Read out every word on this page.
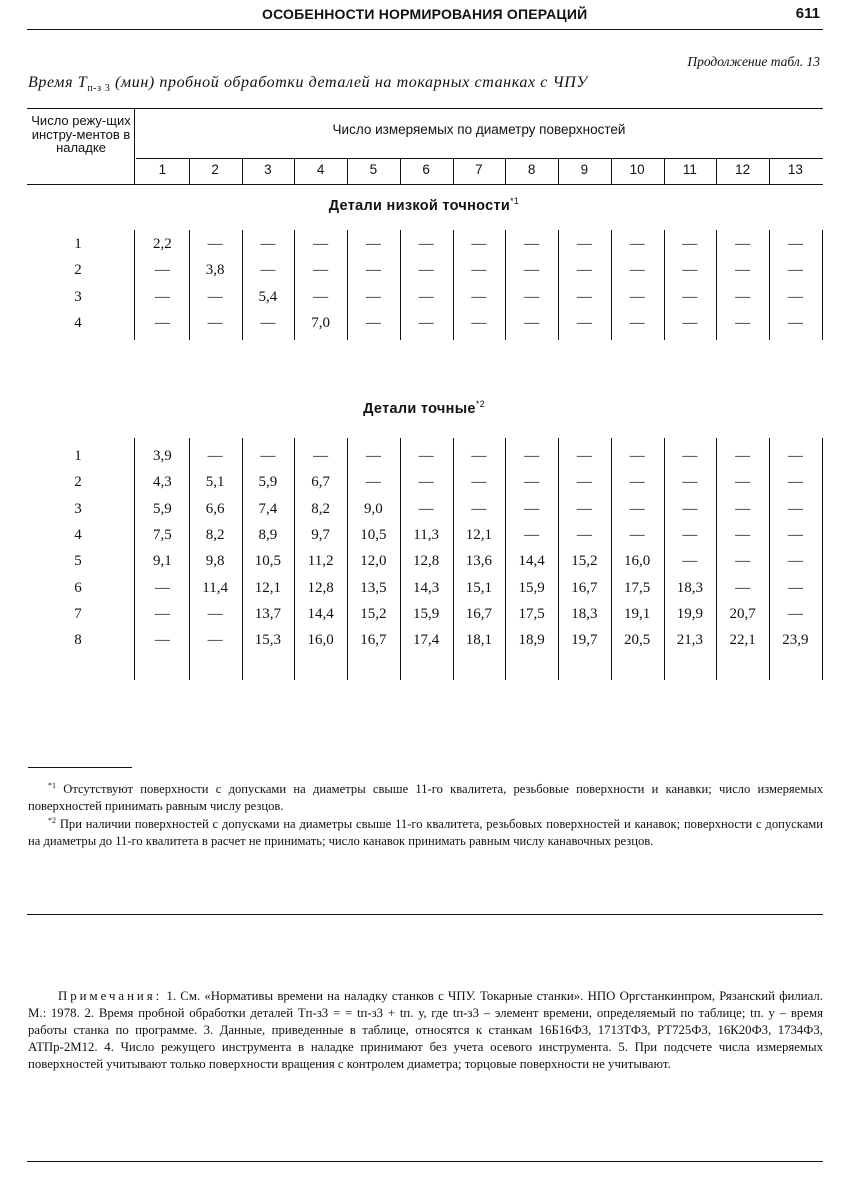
ОСОБЕННОСТИ НОРМИРОВАНИЯ ОПЕРАЦИЙ	611
Продолжение табл. 13
Время $T_{п-з 3}$ (мин) пробной обработки деталей на токарных станках с ЧПУ
Число режу-щих инстру-ментов в наладке
Число измеряемых по диаметру поверхностей
1	2	3	4	5	6	7	8	9	10	11	12	13
Детали низкой точности$^{*1}$
Детали точные$^{*2}$
1	2,2	—	—	—	—	—	—	—	—	—	—	—	—
2	—	3,8	—	—	—	—	—	—	—	—	—	—	—
3	—	—	5,4	—	—	—	—	—	—	—	—	—	—
4	—	—	—	7,0	—	—	—	—	—	—	—	—	—
1	3,9	—	—	—	—	—	—	—	—	—	—	—	—
2	4,3	5,1	5,9	6,7	—	—	—	—	—	—	—	—	—
3	5,9	6,6	7,4	8,2	9,0	—	—	—	—	—	—	—	—
4	7,5	8,2	8,9	9,7	10,5	11,3	12,1	—	—	—	—	—	—
5	9,1	9,8	10,5	11,2	12,0	12,8	13,6	14,4	15,2	16,0	—	—	—
6	—	11,4	12,1	12,8	13,5	14,3	15,1	15,9	16,7	17,5	18,3	—	—
7	—	—	13,7	14,4	15,2	15,9	16,7	17,5	18,3	19,1	19,9	20,7	—
8	—	—	15,3	16,0	16,7	17,4	18,1	18,9	19,7	20,5	21,3	22,1	23,9
$^{*1}$ Отсутствуют поверхности с допусками на диаметры свыше 11-го квалитета, резьбовые поверхности и канавки; число измеряемых поверхностей принимать равным числу резцов.
$^{*2}$ При наличии поверхностей с допусками на диаметры свыше 11-го квалитета, резьбовых поверхностей и канавок; поверхности с допусками на диаметры до 11-го квалитета в расчет не принимать; число канавок принимать равным числу канавочных резцов.
Примечания: 1. См. «Нормативы времени на наладку станков с ЧПУ. Токарные станки». НПО Оргстанкинпром, Рязанский филиал. М.: 1978. 2. Время пробной обработки деталей Tп-з3 = = tп-з3 + tп. у, где tп-з3 – элемент времени, определяемый по таблице; tп. у – время работы станка по программе. 3. Данные, приведенные в таблице, относятся к станкам 16Б16Ф3, 1713ТФ3, РТ725Ф3, 16К20Ф3, 1734Ф3, АТПр-2М12. 4. Число режущего инструмента в наладке принимают без учета осевого инструмента. 5. При подсчете числа измеряемых поверхностей учитывают только поверхности вращения с контролем диаметра; торцовые поверхности не учитывают.
